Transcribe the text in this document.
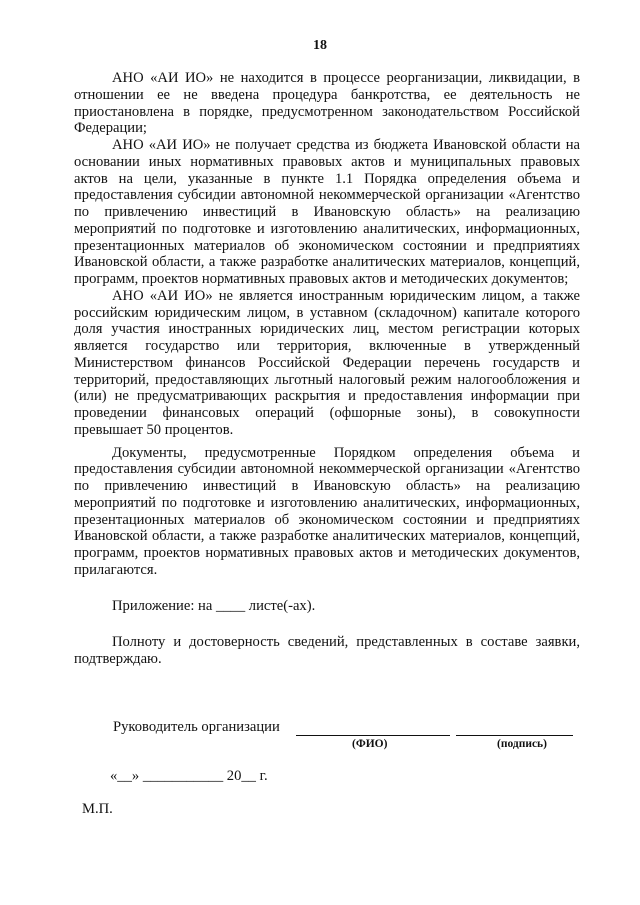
18

АНО «АИ ИО» не находится в процессе реорганизации, ликвидации, в отношении ее не введена процедура банкротства, ее деятельность не приостановлена в порядке, предусмотренном законодательством Российской Федерации;

АНО «АИ ИО» не получает средства из бюджета Ивановской области на основании иных нормативных правовых актов и муниципальных правовых актов на цели, указанные в пункте 1.1 Порядка определения объема и предоставления субсидии автономной некоммерческой организации «Агентство по привлечению инвестиций в Ивановскую область» на реализацию мероприятий по подготовке и изготовлению аналитических, информационных, презентационных материалов об экономическом состоянии и предприятиях Ивановской области, а также разработке аналитических материалов, концепций, программ, проектов нормативных правовых актов и методических документов;

АНО «АИ ИО» не является иностранным юридическим лицом, а также российским юридическим лицом, в уставном (складочном) капитале которого доля участия иностранных юридических лиц, местом регистрации которых является государство или территория, включенные в утвержденный Министерством финансов Российской Федерации перечень государств и территорий, предоставляющих льготный налоговый режим налогообложения и (или) не предусматривающих раскрытия и предоставления информации при проведении финансовых операций (офшорные зоны), в совокупности превышает 50 процентов.

Документы, предусмотренные Порядком определения объема и предоставления субсидии автономной некоммерческой организации «Агентство по привлечению инвестиций в Ивановскую область» на реализацию мероприятий по подготовке и изготовлению аналитических, информационных, презентационных материалов об экономическом состоянии и предприятиях Ивановской области, а также разработке аналитических материалов, концепций, программ, проектов нормативных правовых актов и методических документов, прилагаются.

Приложение: на ____ листе(-ах).

Полноту и достоверность сведений, представленных в составе заявки, подтверждаю.

Руководитель организации
(ФИО)	(подпись)
«__» ___________ 20__ г.
М.П.
